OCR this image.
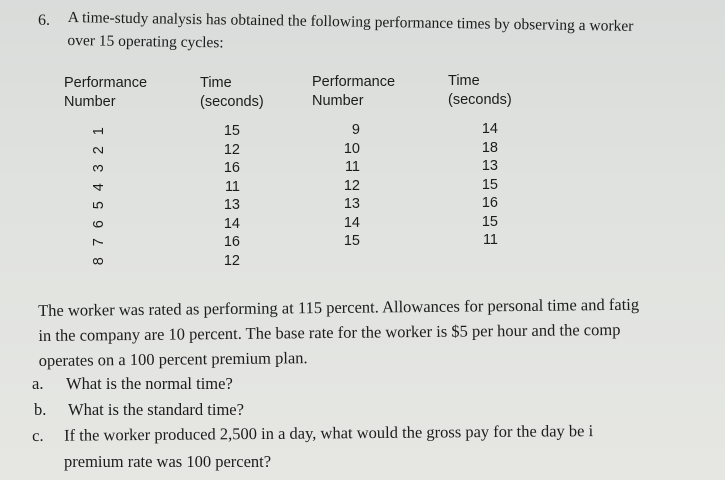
6. A time-study analysis has obtained the following performance times by observing a worker
over 15 operating cycles:
Performance
Number
Time
(seconds)
Performance
Number
Time
(seconds)
1
2
3
4
5
6
7
8
15
12
16
11
13
14
16
12
9
10
11
12
13
14
15
14
18
13
15
16
15
11
The worker was rated as performing at 115 percent. Allowances for personal time and fatig
in the company are 10 percent. The base rate for the worker is $5 per hour and the comp
operates on a 100 percent premium plan.
a. What is the normal time?
b. What is the standard time?
c. If the worker produced 2,500 in a day, what would the gross pay for the day be i
premium rate was 100 percent?
